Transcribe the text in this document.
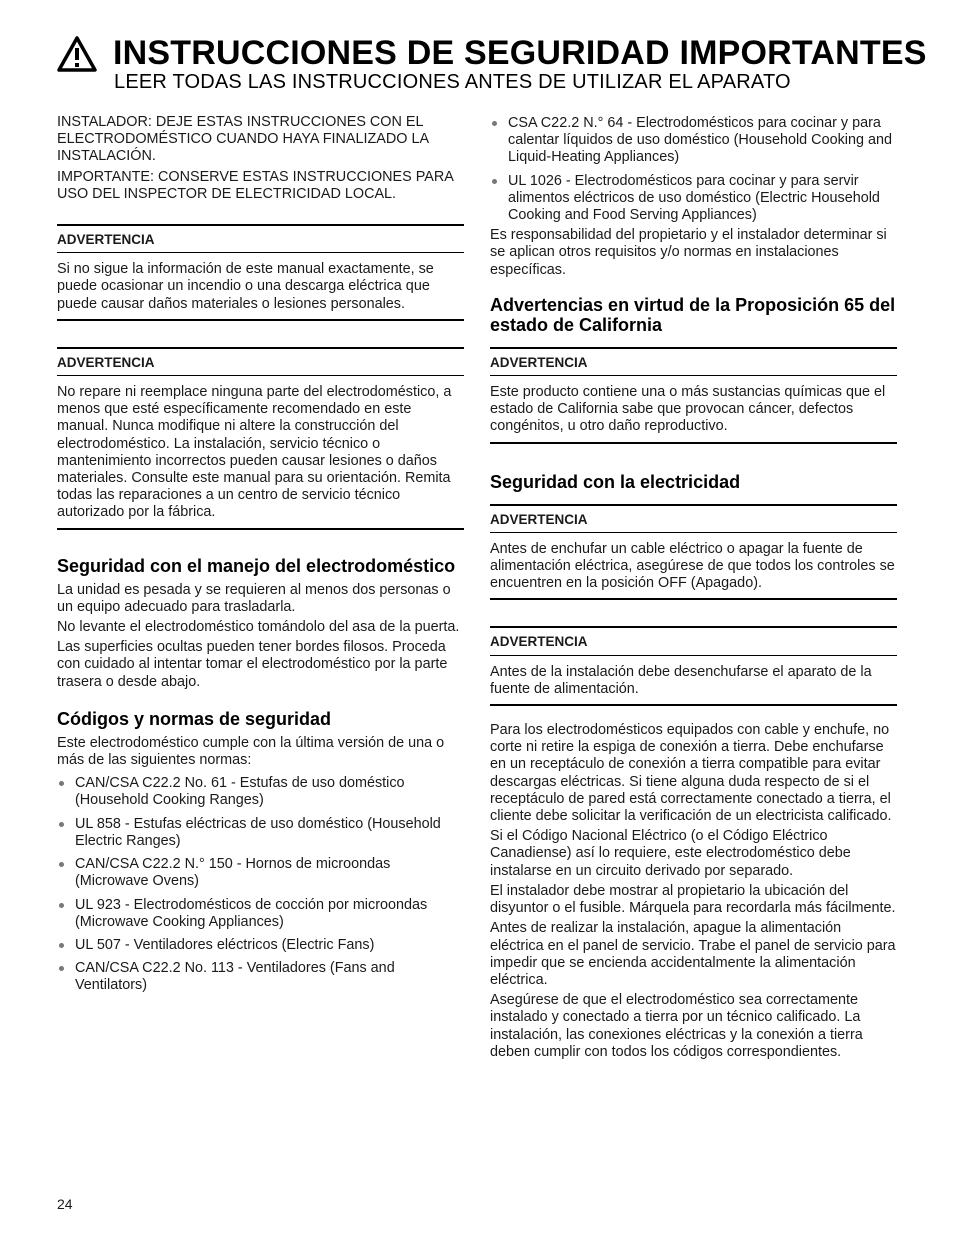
INSTRUCCIONES DE SEGURIDAD IMPORTANTES
LEER TODAS LAS INSTRUCCIONES ANTES DE UTILIZAR EL APARATO

INSTALADOR: DEJE ESTAS INSTRUCCIONES CON EL ELECTRODOMÉSTICO CUANDO HAYA FINALIZADO LA INSTALACIÓN.

IMPORTANTE: CONSERVE ESTAS INSTRUCCIONES PARA USO DEL INSPECTOR DE ELECTRICIDAD LOCAL.

ADVERTENCIA
Si no sigue la información de este manual exactamente, se puede ocasionar un incendio o una descarga eléctrica que puede causar daños materiales o lesiones personales.
ADVERTENCIA
No repare ni reemplace ninguna parte del electrodoméstico, a menos que esté específicamente recomendado en este manual. Nunca modifique ni altere la construcción del electrodoméstico. La instalación, servicio técnico o mantenimiento incorrectos pueden causar lesiones o daños materiales. Consulte este manual para su orientación. Remita todas las reparaciones a un centro de servicio técnico autorizado por la fábrica.
Seguridad con el manejo del electrodoméstico

La unidad es pesada y se requieren al menos dos personas o un equipo adecuado para trasladarla.

No levante el electrodoméstico tomándolo del asa de la puerta.

Las superficies ocultas pueden tener bordes filosos. Proceda con cuidado al intentar tomar el electrodoméstico por la parte trasera o desde abajo.

Códigos y normas de seguridad

Este electrodoméstico cumple con la última versión de una o más de las siguientes normas:

CAN/CSA C22.2 No. 61 - Estufas de uso doméstico (Household Cooking Ranges)
UL 858 - Estufas eléctricas de uso doméstico (Household Electric Ranges)
CAN/CSA C22.2 N.° 150 - Hornos de microondas (Microwave Ovens)
UL 923 - Electrodomésticos de cocción por microondas (Microwave Cooking Appliances)
UL 507 - Ventiladores eléctricos (Electric Fans)
CAN/CSA C22.2 No. 113 - Ventiladores (Fans and Ventilators)
CSA C22.2 N.° 64 - Electrodomésticos para cocinar y para calentar líquidos de uso doméstico (Household Cooking and Liquid-Heating Appliances)
UL 1026 - Electrodomésticos para cocinar y para servir alimentos eléctricos de uso doméstico (Electric Household Cooking and Food Serving Appliances)

Es responsabilidad del propietario y el instalador determinar si se aplican otros requisitos y/o normas en instalaciones específicas.

Advertencias en virtud de la Proposición 65 del estado de California
ADVERTENCIA
Este producto contiene una o más sustancias químicas que el estado de California sabe que provocan cáncer, defectos congénitos, u otro daño reproductivo.
Seguridad con la electricidad
ADVERTENCIA
Antes de enchufar un cable eléctrico o apagar la fuente de alimentación eléctrica, asegúrese de que todos los controles se encuentren en la posición OFF (Apagado).
ADVERTENCIA
Antes de la instalación debe desenchufarse el aparato de la fuente de alimentación.

Para los electrodomésticos equipados con cable y enchufe, no corte ni retire la espiga de conexión a tierra. Debe enchufarse en un receptáculo de conexión a tierra compatible para evitar descargas eléctricas. Si tiene alguna duda respecto de si el receptáculo de pared está correctamente conectado a tierra, el cliente debe solicitar la verificación de un electricista calificado.

Si el Código Nacional Eléctrico (o el Código Eléctrico Canadiense) así lo requiere, este electrodoméstico debe instalarse en un circuito derivado por separado.

El instalador debe mostrar al propietario la ubicación del disyuntor o el fusible. Márquela para recordarla más fácilmente.

Antes de realizar la instalación, apague la alimentación eléctrica en el panel de servicio. Trabe el panel de servicio para impedir que se encienda accidentalmente la alimentación eléctrica.

Asegúrese de que el electrodoméstico sea correctamente instalado y conectado a tierra por un técnico calificado. La instalación, las conexiones eléctricas y la conexión a tierra deben cumplir con todos los códigos correspondientes.

24
